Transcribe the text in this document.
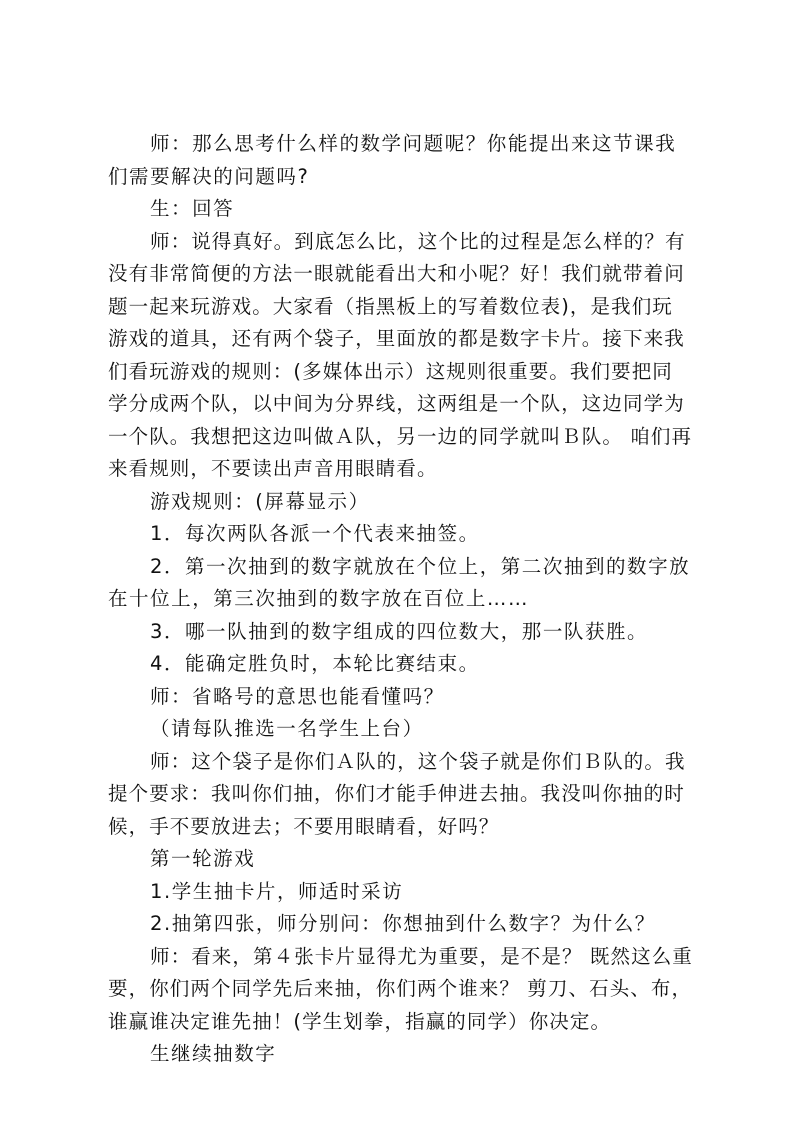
师：那么思考什么样的数学问题呢？你能提出来这节课我们需要解决的问题吗?

生：回答

师：说得真好。到底怎么比，这个比的过程是怎么样的？有没有非常简便的方法一眼就能看出大和小呢？好！我们就带着问题一起来玩游戏。大家看（指黑板上的写着数位表)，是我们玩游戏的道具，还有两个袋子，里面放的都是数字卡片。接下来我们看玩游戏的规则：(多媒体出示）这规则很重要。我们要把同学分成两个队，以中间为分界线，这两组是一个队，这边同学为一个队。我想把这边叫做Ａ队，另一边的同学就叫Ｂ队。 咱们再来看规则，不要读出声音用眼睛看。

游戏规则：(屏幕显示）

1．每次两队各派一个代表来抽签。

2．第一次抽到的数字就放在个位上，第二次抽到的数字放在十位上，第三次抽到的数字放在百位上……

3．哪一队抽到的数字组成的四位数大，那一队获胜。

4．能确定胜负时，本轮比赛结束。

师：省略号的意思也能看懂吗？

（请每队推选一名学生上台）

师：这个袋子是你们Ａ队的，这个袋子就是你们Ｂ队的。我提个要求：我叫你们抽，你们才能手伸进去抽。我没叫你抽的时候，手不要放进去；不要用眼睛看，好吗？

第一轮游戏

1.学生抽卡片，师适时采访

2.抽第四张，师分别问：你想抽到什么数字？为什么？

师：看来，第４张卡片显得尤为重要，是不是？ 既然这么重要，你们两个同学先后来抽，你们两个谁来？ 剪刀、石头、布，谁赢谁决定谁先抽！(学生划拳，指赢的同学）你决定。

生继续抽数字
